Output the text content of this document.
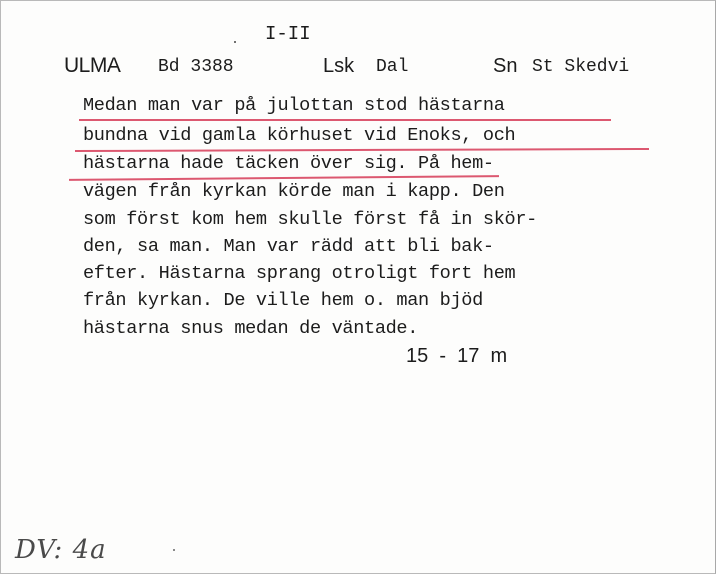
I-II
ULMA Bd 3388	Lsk Dal	Sn St Skedvi
Medan man var på julottan stod hästarna
bundna vid gamla körhuset vid Enoks, och
hästarna hade täcken över sig. På hem-
vägen från kyrkan körde man i kapp. Den
som först kom hem skulle först få in skör-
den, sa man. Man var rädd att bli bak-
efter. Hästarna sprang otroligt fort hem
från kyrkan. De ville hem o. man bjöd
hästarna snus medan de väntade.
15  -  17  m
DV: 4a
